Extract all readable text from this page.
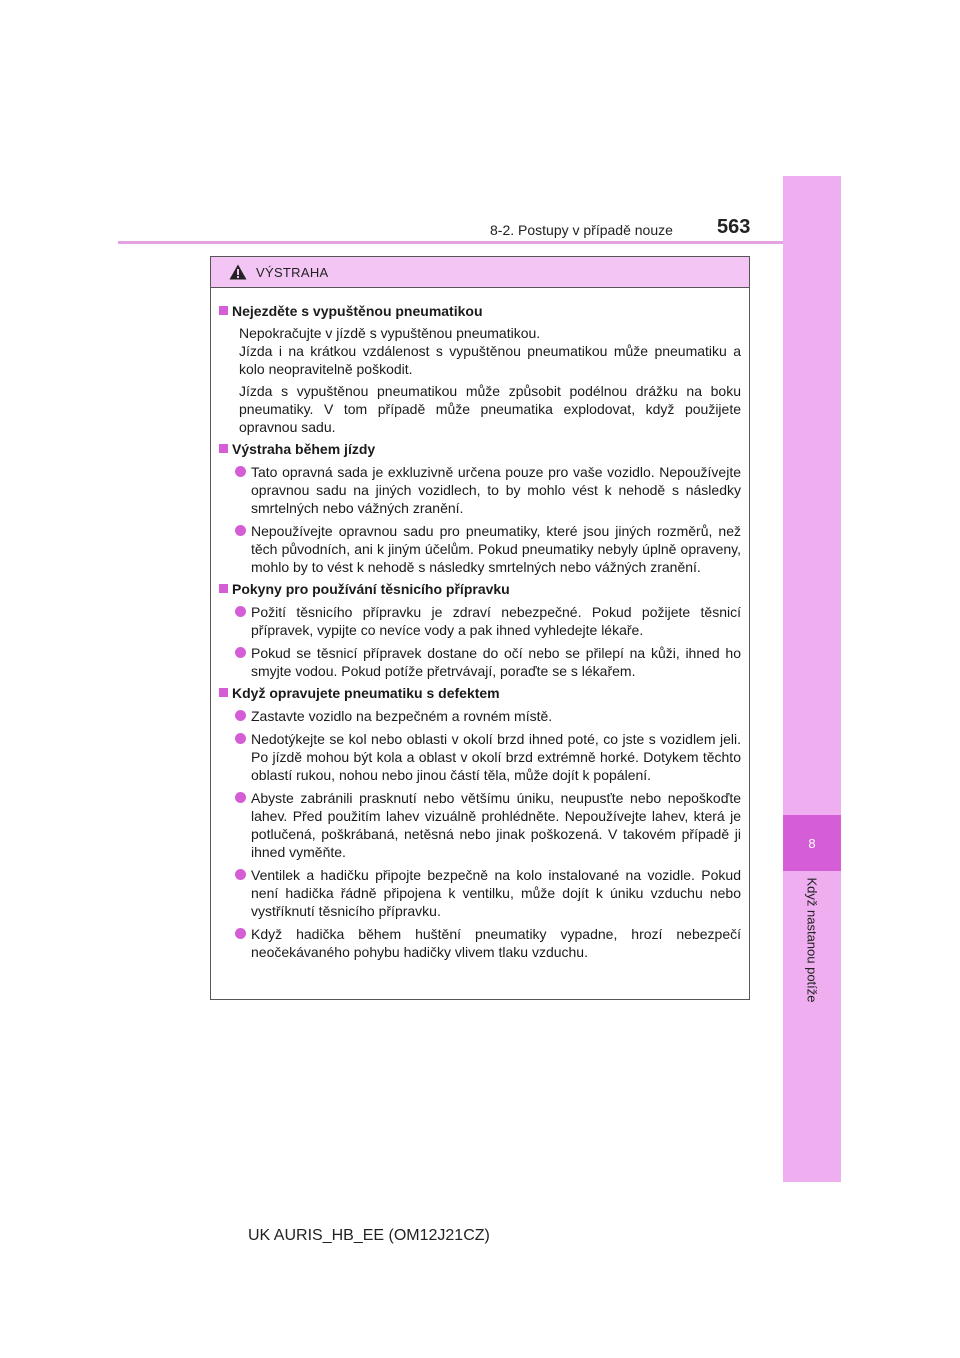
8
Když nastanou potíže
8-2. Postupy v případě nouze 563
VÝSTRAHA
Nejezděte s vypuštěnou pneumatikou
Nepokračujte v jízdě s vypuštěnou pneumatikou.
Jízda i na krátkou vzdálenost s vypuštěnou pneumatikou může pneumatiku a kolo neopravitelně poškodit.
Jízda s vypuštěnou pneumatikou může způsobit podélnou drážku na boku pneumatiky. V tom případě může pneumatika explodovat, když použijete opravnou sadu.
Výstraha během jízdy
Tato opravná sada je exkluzivně určena pouze pro vaše vozidlo. Nepoužívejte opravnou sadu na jiných vozidlech, to by mohlo vést k nehodě s následky smrtelných nebo vážných zranění.
Nepoužívejte opravnou sadu pro pneumatiky, které jsou jiných rozměrů, než těch původních, ani k jiným účelům. Pokud pneumatiky nebyly úplně opraveny, mohlo by to vést k nehodě s následky smrtelných nebo vážných zranění.
Pokyny pro používání těsnicího přípravku
Požití těsnicího přípravku je zdraví nebezpečné. Pokud požijete těsnicí přípravek, vypijte co nevíce vody a pak ihned vyhledejte lékaře.
Pokud se těsnicí přípravek dostane do očí nebo se přilepí na kůži, ihned ho smyjte vodou. Pokud potíže přetrvávají, poraďte se s lékařem.
Když opravujete pneumatiku s defektem
Zastavte vozidlo na bezpečném a rovném místě.
Nedotýkejte se kol nebo oblasti v okolí brzd ihned poté, co jste s vozidlem jeli. Po jízdě mohou být kola a oblast v okolí brzd extrémně horké. Dotykem těchto oblastí rukou, nohou nebo jinou částí těla, může dojít k popálení.
Abyste zabránili prasknutí nebo většímu úniku, neupusťte nebo nepoškoďte lahev. Před použitím lahev vizuálně prohlédněte. Nepoužívejte lahev, která je potlučená, poškrábaná, netěsná nebo jinak poškozená. V takovém případě ji ihned vyměňte.
Ventilek a hadičku připojte bezpečně na kolo instalované na vozidle. Pokud není hadička řádně připojena k ventilku, může dojít k úniku vzduchu nebo vystříknutí těsnicího přípravku.
Když hadička během huštění pneumatiky vypadne, hrozí nebezpečí neočekávaného pohybu hadičky vlivem tlaku vzduchu.
UK AURIS_HB_EE (OM12J21CZ)
